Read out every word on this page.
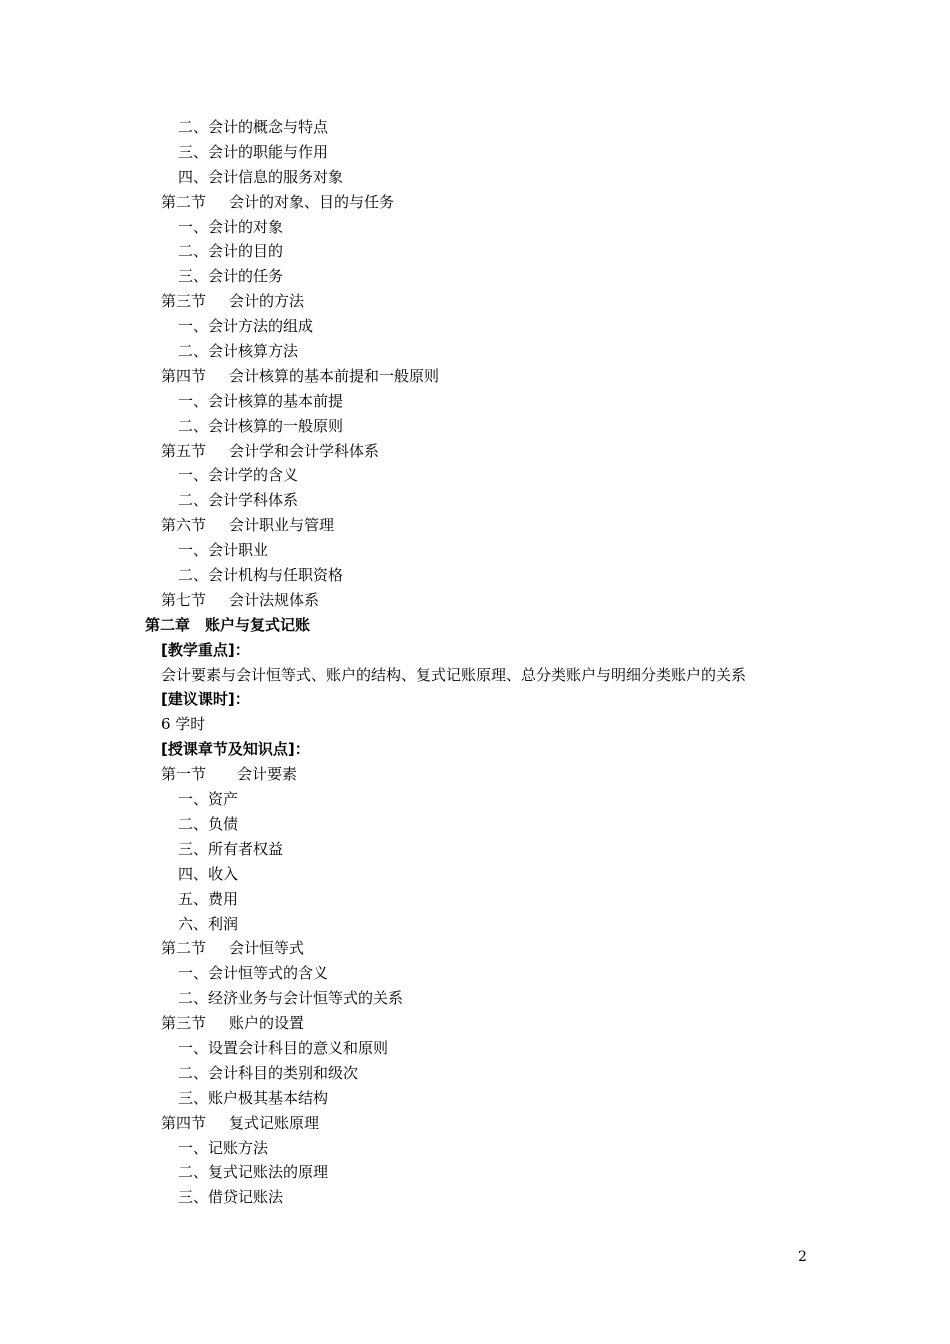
二、会计的概念与特点
三、会计的职能与作用
四、会计信息的服务对象
第二节 会计的对象、目的与任务
一、会计的对象
二、会计的目的
三、会计的任务
第三节 会计的方法
一、会计方法的组成
二、会计核算方法
第四节 会计核算的基本前提和一般原则
一、会计核算的基本前提
二、会计核算的一般原则
第五节 会计学和会计学科体系
一、会计学的含义
二、会计学科体系
第六节 会计职业与管理
一、会计职业
二、会计机构与任职资格
第七节 会计法规体系
第二章　账户与复式记账
[教学重点]：
会计要素与会计恒等式、账户的结构、复式记账原理、总分类账户与明细分类账户的关系
[建议课时]：
6 学时
[授课章节及知识点]：
第一节 会计要素
一、资产
二、负债
三、所有者权益
四、收入
五、费用
六、利润
第二节 会计恒等式
一、会计恒等式的含义
二、经济业务与会计恒等式的关系
第三节 账户的设置
一、设置会计科目的意义和原则
二、会计科目的类别和级次
三、账户极其基本结构
第四节 复式记账原理
一、记账方法
二、复式记账法的原理
三、借贷记账法
2
